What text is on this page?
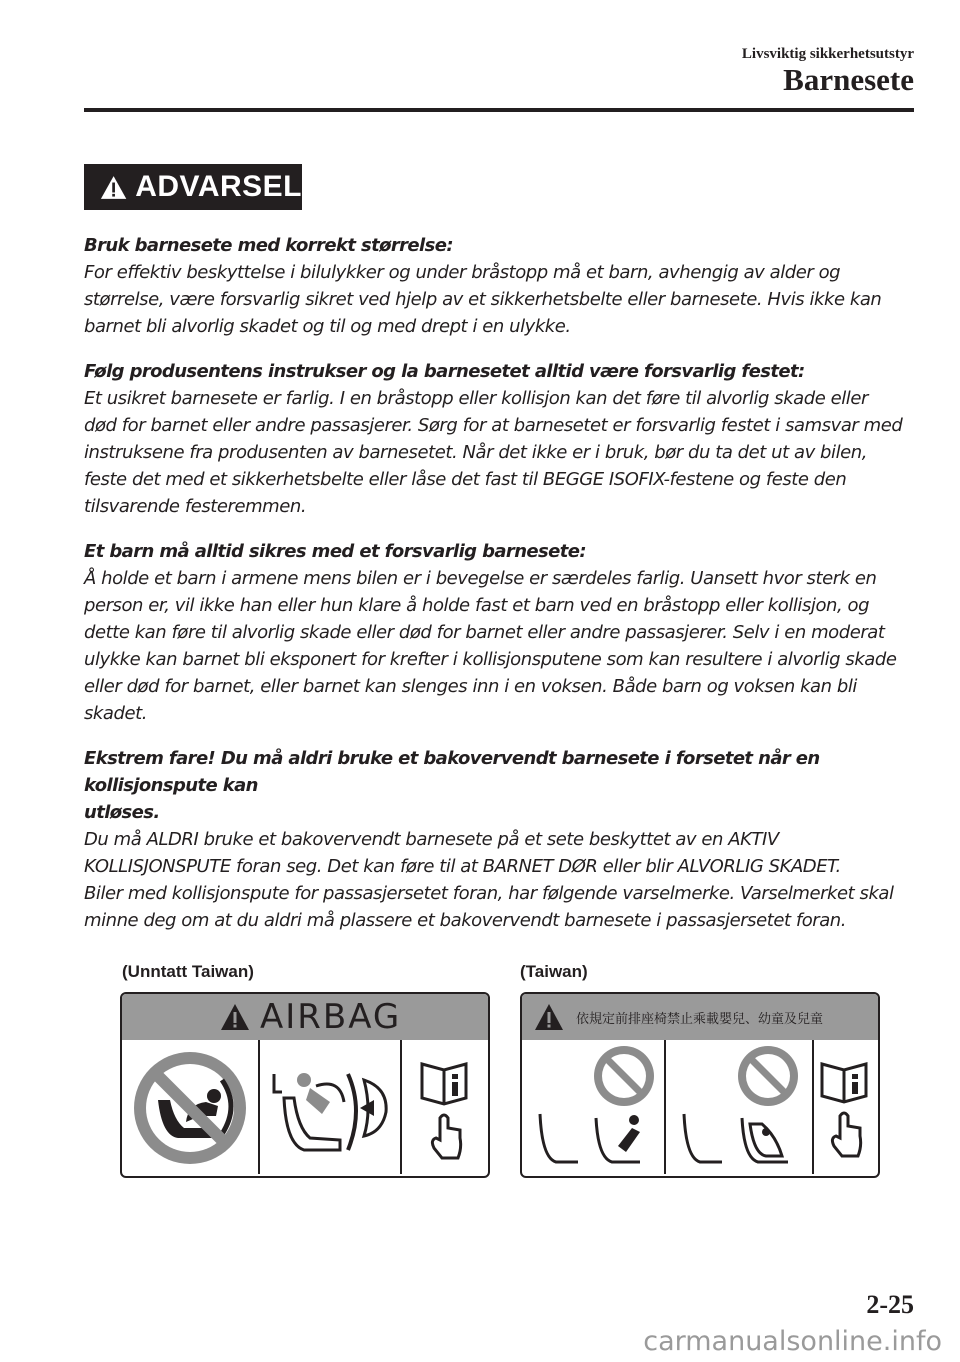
Livsviktig sikkerhetsutstyr
Barnesete
ADVARSEL
Bruk barnesete med korrekt størrelse:
For effektiv beskyttelse i bilulykker og under bråstopp må et barn, avhengig av alder og
størrelse, være forsvarlig sikret ved hjelp av et sikkerhetsbelte eller barnesete. Hvis ikke kan
barnet bli alvorlig skadet og til og med drept i en ulykke.
Følg produsentens instrukser og la barnesetet alltid være forsvarlig festet:
Et usikret barnesete er farlig. I en bråstopp eller kollisjon kan det føre til alvorlig skade eller
død for barnet eller andre passasjerer. Sørg for at barnesetet er forsvarlig festet i samsvar med
instruksene fra produsenten av barnesetet. Når det ikke er i bruk, bør du ta det ut av bilen,
feste det med et sikkerhetsbelte eller låse det fast til BEGGE ISOFIX-festene og feste den
tilsvarende festeremmen.
Et barn må alltid sikres med et forsvarlig barnesete:
Å holde et barn i armene mens bilen er i bevegelse er særdeles farlig. Uansett hvor sterk en
person er, vil ikke han eller hun klare å holde fast et barn ved en bråstopp eller kollisjon, og
dette kan føre til alvorlig skade eller død for barnet eller andre passasjerer. Selv i en moderat
ulykke kan barnet bli eksponert for krefter i kollisjonsputene som kan resultere i alvorlig skade
eller død for barnet, eller barnet kan slenges inn i en voksen. Både barn og voksen kan bli
skadet.
Ekstrem fare! Du må aldri bruke et bakovervendt barnesete i forsetet når en kollisjonspute kan
utløses.
Du må ALDRI bruke et bakovervendt barnesete på et sete beskyttet av en AKTIV
KOLLISJONSPUTE foran seg. Det kan føre til at BARNET DØR eller blir ALVORLIG SKADET.
Biler med kollisjonspute for passasjersetet foran, har følgende varselmerke. Varselmerket skal
minne deg om at du aldri må plassere et bakovervendt barnesete i passasjersetet foran.
(Unntatt Taiwan)
AIRBAG
(Taiwan)
依規定前排座椅禁止乘載嬰兒、幼童及兒童
2-25
carmanualsonline.info
